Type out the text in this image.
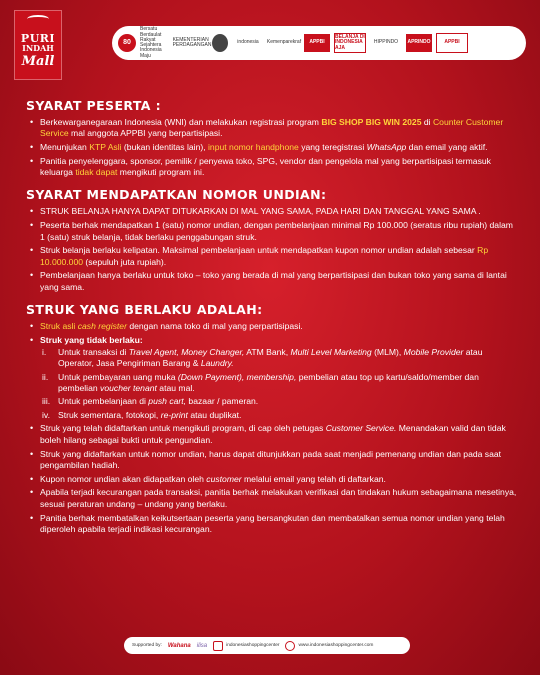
PURI
INDAH
Mall
80
Bersatu Berdaulat Rakyat Sejahtera Indonesia Maju
KEMENTERIAN PERDAGANGAN	indonesia	Kemenparekraf	APPBI
BELANJA DI INDONESIA AJA
HIPPINDO	APRINDO	APPBI
SYARAT PESERTA :
• Berkewarganegaraan Indonesia (WNI) dan melakukan registrasi program BIG SHOP BIG WIN 2025 di Counter Customer Service mal anggota APPBI yang berpartisipasi.
• Menunjukan KTP Asli (bukan identitas lain), input nomor handphone yang teregistrasi WhatsApp dan email yang aktif.
• Panitia penyelenggara, sponsor, pemilik / penyewa toko, SPG, vendor dan pengelola mal yang berpartisipasi termasuk keluarga tidak dapat mengikuti program ini.
SYARAT MENDAPATKAN NOMOR UNDIAN:
• STRUK BELANJA HANYA DAPAT DITUKARKAN DI MAL YANG SAMA, PADA HARI DAN TANGGAL YANG SAMA .
• Peserta berhak mendapatkan 1 (satu) nomor undian, dengan pembelanjaan minimal Rp 100.000 (seratus ribu rupiah) dalam 1 (satu) struk belanja, tidak berlaku penggabungan struk.
• Struk belanja berlaku kelipatan. Maksimal pembelanjaan untuk mendapatkan kupon nomor undian adalah sebesar Rp 10.000.000 (sepuluh juta rupiah).
• Pembelanjaan hanya berlaku untuk toko – toko yang berada di mal yang berpartisipasi dan bukan toko yang sama di lantai yang sama.
STRUK YANG BERLAKU ADALAH:
• Struk asli cash register dengan nama toko di mal yang perpartisipasi.
• Struk yang tidak berlaku:
i. Untuk transaksi di Travel Agent, Money Changer, ATM Bank, Multi Level Marketing (MLM), Mobile Provider atau Operator, Jasa Pengiriman Barang & Laundry.
ii. Untuk pembayaran uang muka (Down Payment), membership, pembelian atau top up kartu/saldo/member dan pembelian voucher tenant atau mal.
iii. Untuk pembelanjaan di push cart, bazaar / pameran.
iv. Struk sementara, fotokopi, re-print atau duplikat.
• Struk yang telah didaftarkan untuk mengikuti program, di cap oleh petugas Customer Service. Menandakan valid dan tidak boleh hilang sebagai bukti untuk pengundian.
• Struk yang didaftarkan untuk nomor undian, harus dapat ditunjukkan pada saat menjadi pemenang undian dan pada saat pengambilan hadiah.
• Kupon nomor undian akan didapatkan oleh customer melalui email yang telah di daftarkan.
• Apabila terjadi kecurangan pada transaksi, panitia berhak melakukan verifikasi dan tindakan hukum sebagaimana mesetinya, sesuai peraturan undang – undang yang berlaku.
• Panitia berhak membatalkan keikutsertaan peserta yang bersangkutan dan membatalkan semua nomor undian yang telah diperoleh apabila terjadi indikasi kecurangan.
Supported by: Wahana ilisa	indonesiashoppingcenter	www.indonesiashoppingcenter.com
